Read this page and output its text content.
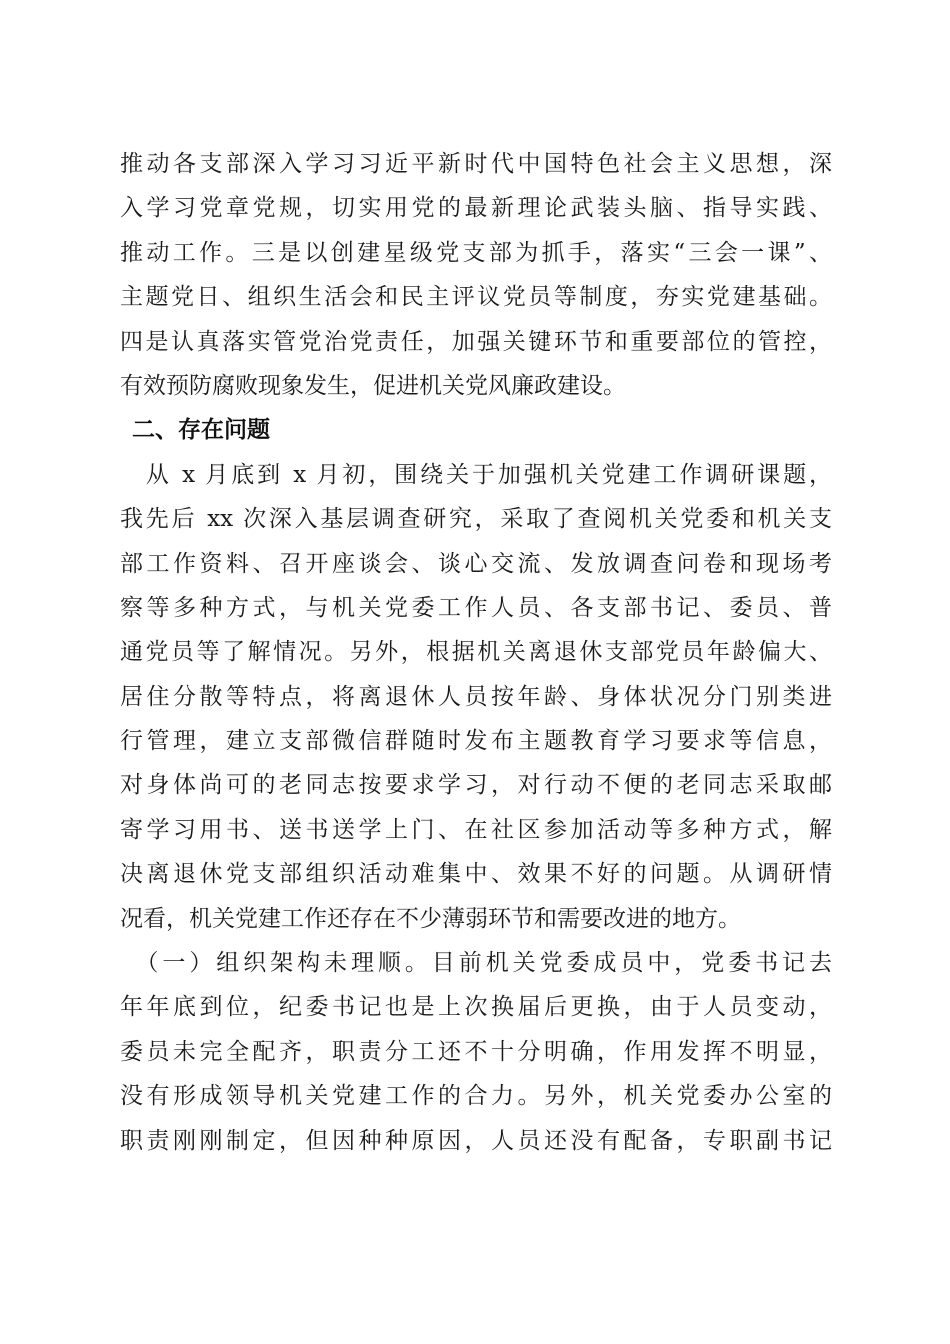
推动各支部深入学习习近平新时代中国特色社会主义思想，深
入学习党章党规，切实用党的最新理论武装头脑、指导实践、
推动工作。三是以创建星级党支部为抓手，落实“三会一课”、
主题党日、组织生活会和民主评议党员等制度，夯实党建基础。
四是认真落实管党治党责任，加强关键环节和重要部位的管控，
有效预防腐败现象发生，促进机关党风廉政建设。
二、存在问题
　从 x 月底到 x 月初，围绕关于加强机关党建工作调研课题，
我先后 xx 次深入基层调查研究，采取了查阅机关党委和机关支
部工作资料、召开座谈会、谈心交流、发放调查问卷和现场考
察等多种方式，与机关党委工作人员、各支部书记、委员、普
通党员等了解情况。另外，根据机关离退休支部党员年龄偏大、
居住分散等特点，将离退休人员按年龄、身体状况分门别类进
行管理，建立支部微信群随时发布主题教育学习要求等信息，
对身体尚可的老同志按要求学习，对行动不便的老同志采取邮
寄学习用书、送书送学上门、在社区参加活动等多种方式，解
决离退休党支部组织活动难集中、效果不好的问题。从调研情
况看，机关党建工作还存在不少薄弱环节和需要改进的地方。
　（一）组织架构未理顺。目前机关党委成员中，党委书记去
年年底到位，纪委书记也是上次换届后更换，由于人员变动，
委员未完全配齐，职责分工还不十分明确，作用发挥不明显，
没有形成领导机关党建工作的合力。另外，机关党委办公室的
职责刚刚制定，但因种种原因，人员还没有配备，专职副书记
